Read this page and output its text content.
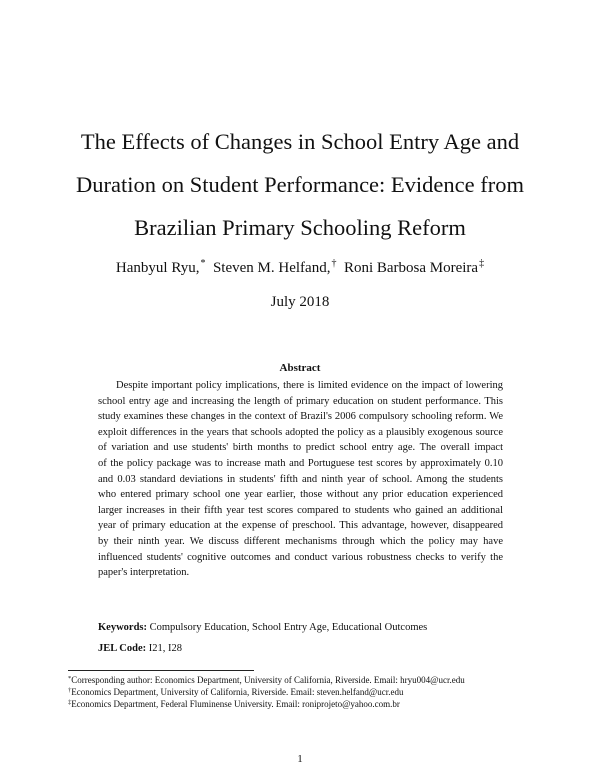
The Effects of Changes in School Entry Age and
Duration on Student Performance: Evidence from
Brazilian Primary Schooling Reform
Hanbyul Ryu,* Steven M. Helfand,† Roni Barbosa Moreira‡
July 2018
Abstract
Despite important policy implications, there is limited evidence on the impact of lowering
school entry age and increasing the length of primary education on student performance. This
study examines these changes in the context of Brazil's 2006 compulsory schooling reform. We
exploit differences in the years that schools adopted the policy as a plausibly exogenous source
of variation and use students' birth months to predict school entry age. The overall impact
of the policy package was to increase math and Portuguese test scores by approximately 0.10
and 0.03 standard deviations in students' fifth and ninth year of school. Among the students
who entered primary school one year earlier, those without any prior education experienced
larger increases in their fifth year test scores compared to students who gained an additional
year of primary education at the expense of preschool. This advantage, however, disappeared
by their ninth year. We discuss different mechanisms through which the policy may have
influenced students' cognitive outcomes and conduct various robustness checks to verify the
paper's interpretation.
Keywords: Compulsory Education, School Entry Age, Educational Outcomes
JEL Code: I21, I28
*Corresponding author: Economics Department, University of California, Riverside. Email: hryu004@ucr.edu
†Economics Department, University of California, Riverside. Email: steven.helfand@ucr.edu
‡Economics Department, Federal Fluminense University. Email: roniprojeto@yahoo.com.br
1
